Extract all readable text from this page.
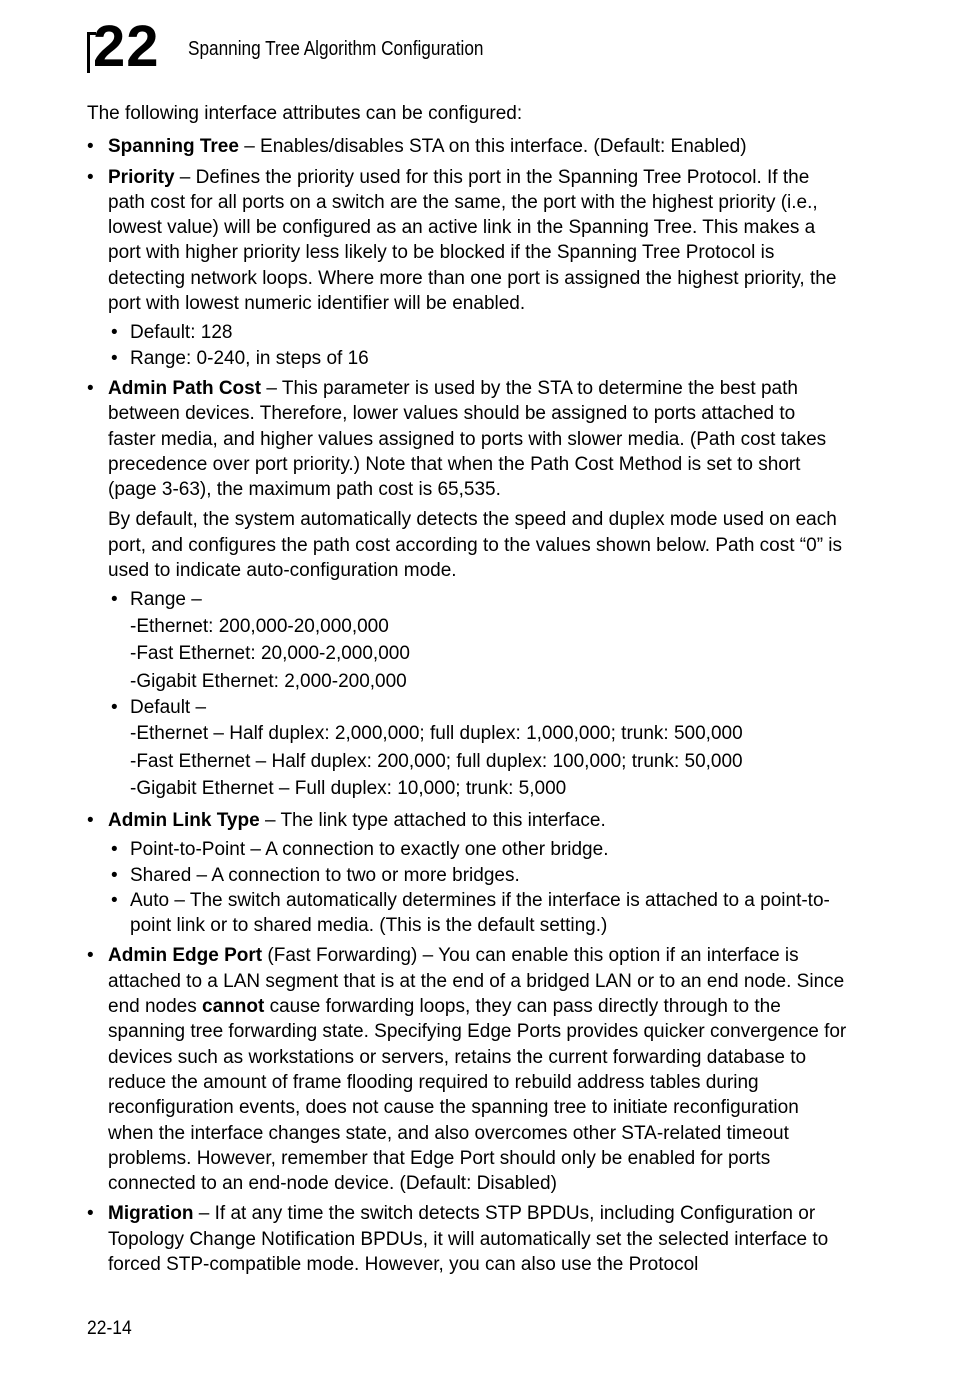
22 Spanning Tree Algorithm Configuration

The following interface attributes can be configured:

• Spanning Tree – Enables/disables STA on this interface. (Default: Enabled)
• Priority – Defines the priority used for this port in the Spanning Tree Protocol. If the path cost for all ports on a switch are the same, the port with the highest priority (i.e., lowest value) will be configured as an active link in the Spanning Tree. This makes a port with higher priority less likely to be blocked if the Spanning Tree Protocol is detecting network loops. Where more than one port is assigned the highest priority, the port with lowest numeric identifier will be enabled.
• Default: 128
• Range: 0-240, in steps of 16
• Admin Path Cost – This parameter is used by the STA to determine the best path between devices. Therefore, lower values should be assigned to ports attached to faster media, and higher values assigned to ports with slower media. (Path cost takes precedence over port priority.) Note that when the Path Cost Method is set to short (page 3-63), the maximum path cost is 65,535.

By default, the system automatically detects the speed and duplex mode used on each port, and configures the path cost according to the values shown below. Path cost “0” is used to indicate auto-configuration mode.

• Range –
-Ethernet: 200,000-20,000,000
-Fast Ethernet: 20,000-2,000,000
-Gigabit Ethernet: 2,000-200,000
• Default –
-Ethernet – Half duplex: 2,000,000; full duplex: 1,000,000; trunk: 500,000
-Fast Ethernet – Half duplex: 200,000; full duplex: 100,000; trunk: 50,000
-Gigabit Ethernet – Full duplex: 10,000; trunk: 5,000
• Admin Link Type – The link type attached to this interface.
• Point-to-Point – A connection to exactly one other bridge.
• Shared – A connection to two or more bridges.
• Auto – The switch automatically determines if the interface is attached to a point-to-point link or to shared media. (This is the default setting.)
• Admin Edge Port (Fast Forwarding) – You can enable this option if an interface is attached to a LAN segment that is at the end of a bridged LAN or to an end node. Since end nodes cannot cause forwarding loops, they can pass directly through to the spanning tree forwarding state. Specifying Edge Ports provides quicker convergence for devices such as workstations or servers, retains the current forwarding database to reduce the amount of frame flooding required to rebuild address tables during reconfiguration events, does not cause the spanning tree to initiate reconfiguration when the interface changes state, and also overcomes other STA-related timeout problems. However, remember that Edge Port should only be enabled for ports connected to an end-node device. (Default: Disabled)
• Migration – If at any time the switch detects STP BPDUs, including Configuration or Topology Change Notification BPDUs, it will automatically set the selected interface to forced STP-compatible mode. However, you can also use the Protocol
22-14
